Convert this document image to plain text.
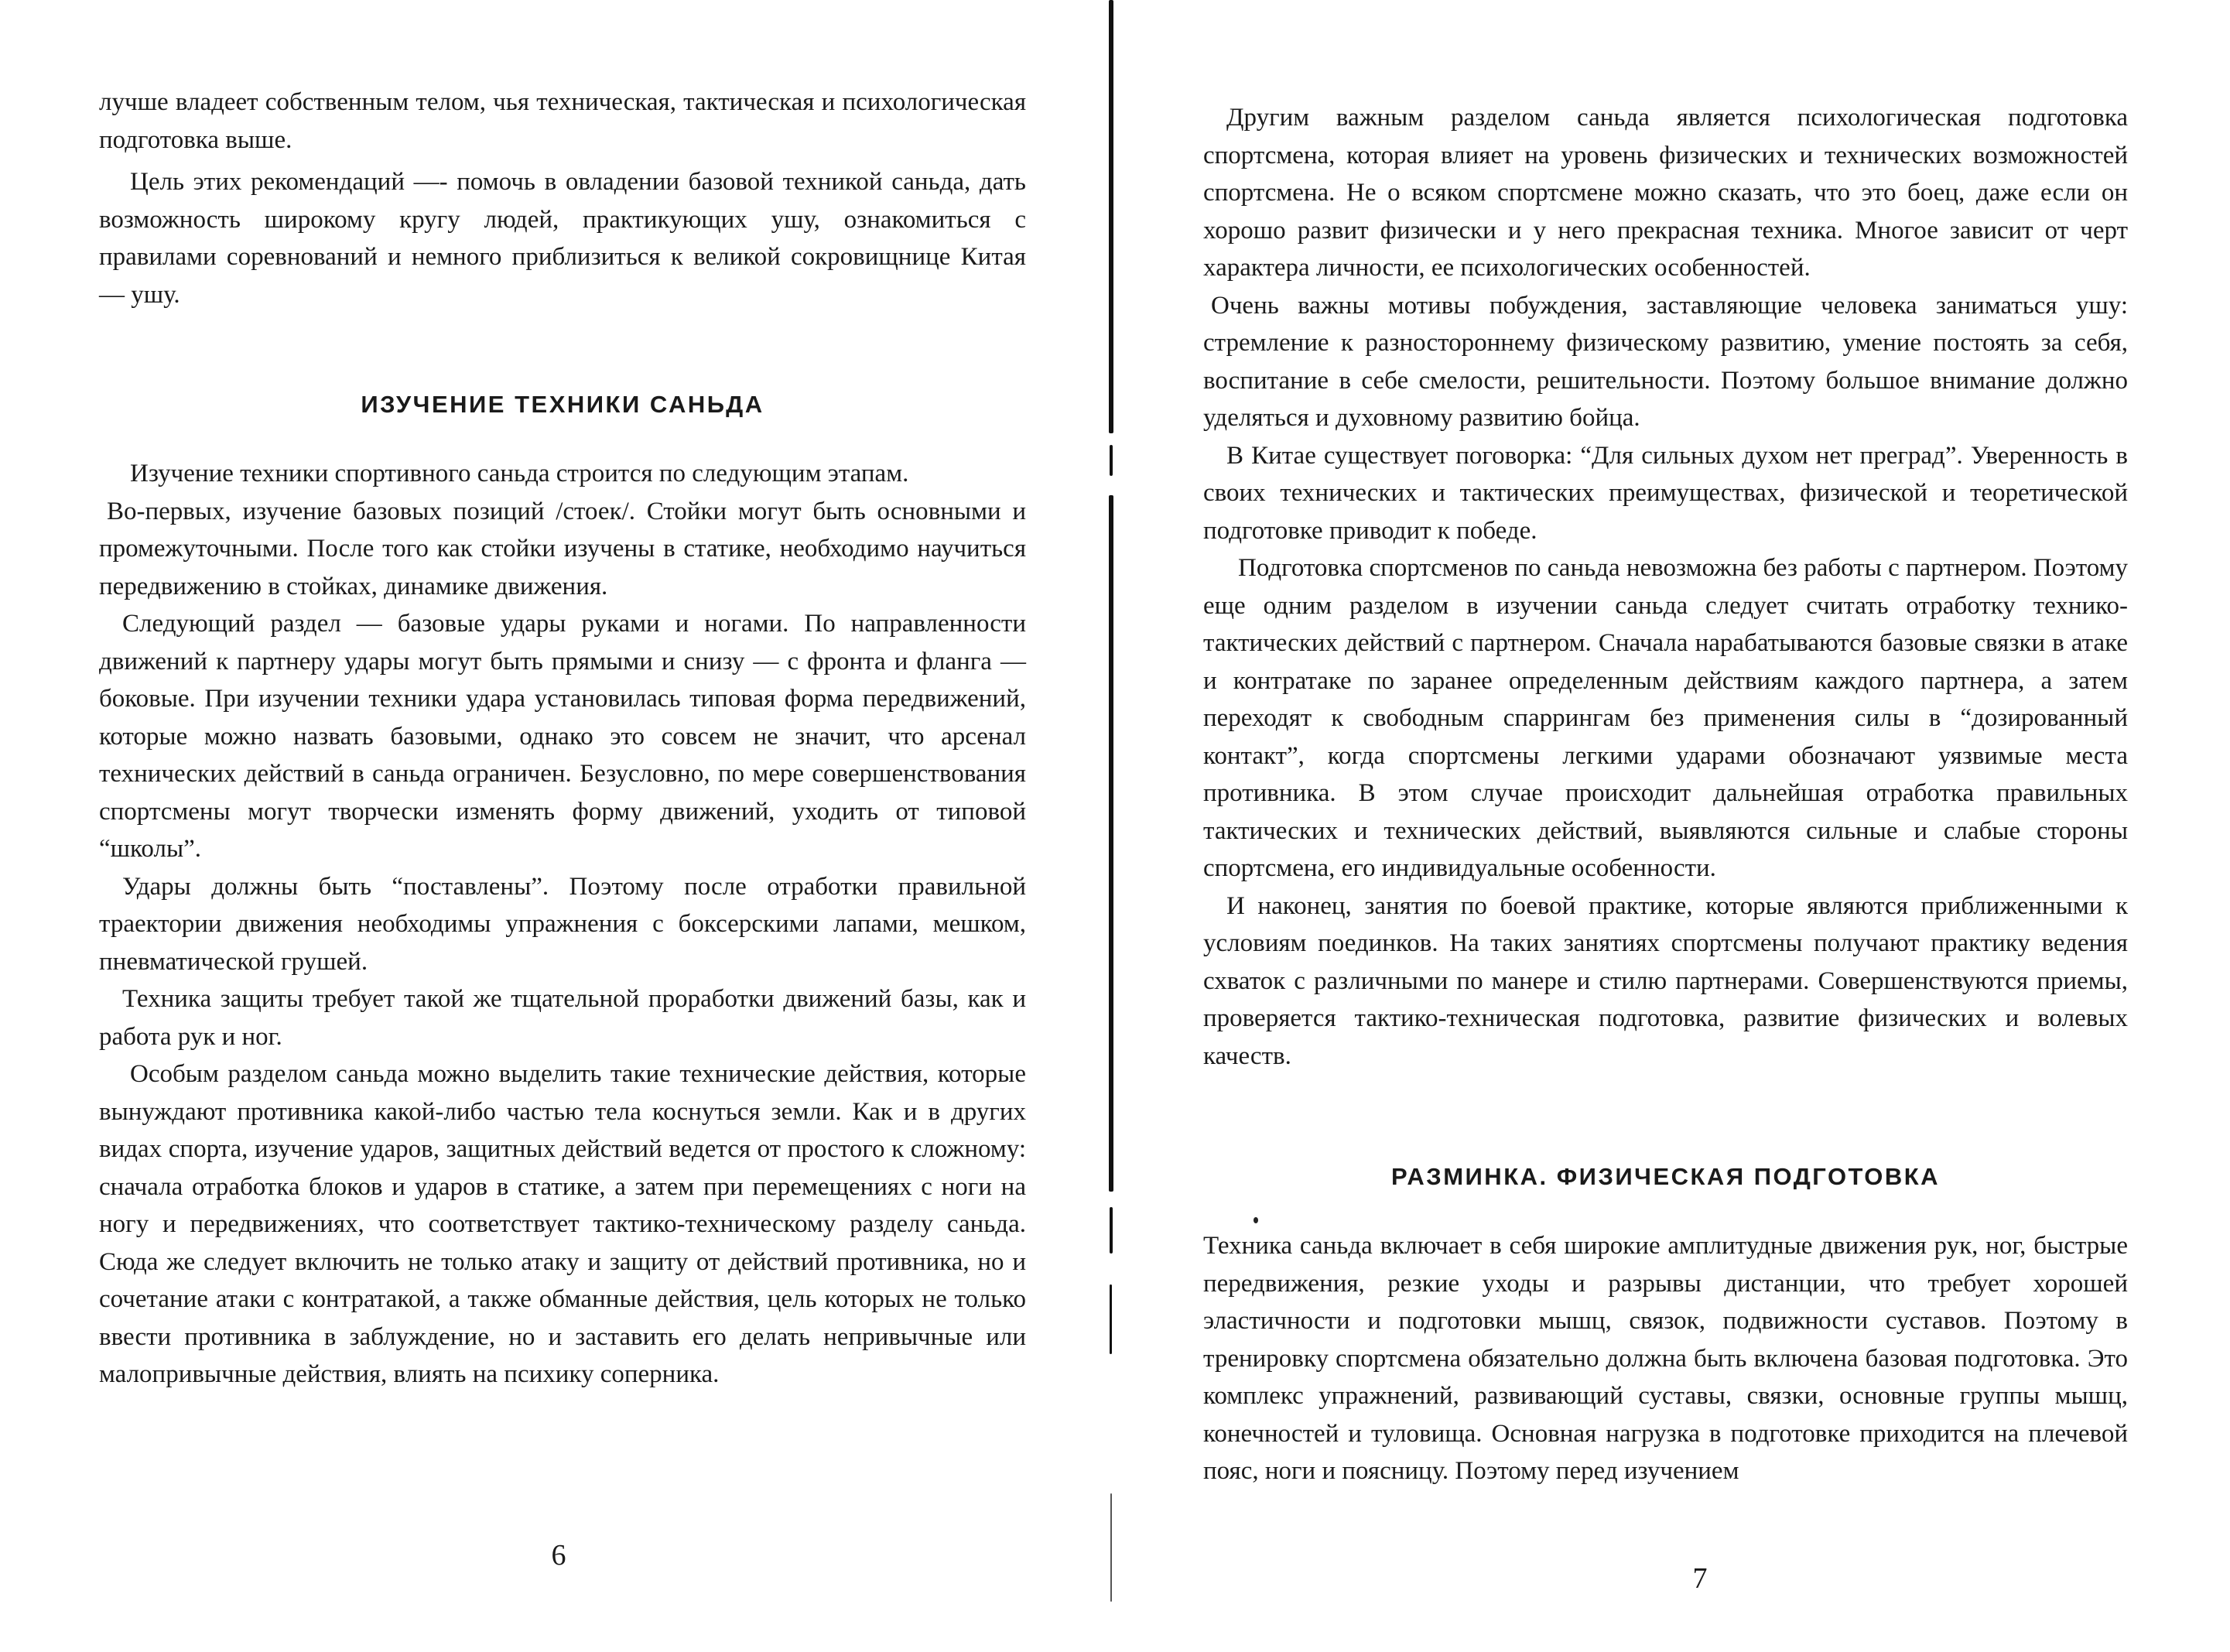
лучше владеет собственным телом, чья техническая, тактическая и психологическая подготовка выше.

Цель этих рекомендаций —- помочь в овладении базовой техникой саньда, дать возможность широкому кругу людей, практикующих ушу, ознакомиться с правилами соревнований и немного приблизиться к великой сокровищнице Китая — ушу.

ИЗУЧЕНИЕ ТЕХНИКИ САНЬДА

Изучение техники спортивного саньда строится по следующим этапам.

Во-первых, изучение базовых позиций /стоек/. Стойки могут быть основными и промежуточными. После того как стойки изучены в статике, необходимо научиться передвижению в стойках, динамике движения.

Следующий раздел — базовые удары руками и ногами. По направленности движений к партнеру удары могут быть прямыми и снизу — с фронта и фланга — боковые. При изучении техники удара установилась типовая форма передвижений, которые можно назвать базовыми, однако это совсем не значит, что арсенал технических действий в саньда ограничен. Безусловно, по мере совершенствования спортсмены могут творчески изменять форму движений, уходить от типовой “школы”.

Удары должны быть “поставлены”. Поэтому после отработки правильной траектории движения необходимы упражнения с боксерскими лапами, мешком, пневматической грушей.

Техника защиты требует такой же тщательной проработки движений базы, как и работа рук и ног.

Особым разделом саньда можно выделить такие технические действия, которые вынуждают противника какой-либо частью тела коснуться земли. Как и в других видах спорта, изучение ударов, защитных действий ведется от простого к сложному: сначала отработка блоков и ударов в статике, а затем при перемещениях с ноги на ногу и передвижениях, что соответствует тактико-техническому разделу саньда. Сюда же следует включить не только атаку и защиту от действий противника, но и сочетание атаки с контратакой, а также обманные действия, цель которых не только ввести противника в заблуждение, но и заставить его делать непривычные или малопривычные действия, влиять на психику соперника.

6

Другим важным разделом саньда является психологическая подготовка спортсмена, которая влияет на уровень физических и технических возможностей спортсмена. Не о всяком спортсмене можно сказать, что это боец, даже если он хорошо развит физически и у него прекрасная техника. Многое зависит от черт характера личности, ее психологических особенностей.

Очень важны мотивы побуждения, заставляющие человека заниматься ушу: стремление к разностороннему физическому развитию, умение постоять за себя, воспитание в себе смелости, решительности. Поэтому большое внимание должно уделяться и духовному развитию бойца.

В Китае существует поговорка: “Для сильных духом нет преград”. Уверенность в своих технических и тактических преимуществах, физической и теоретической подготовке приводит к победе.

Подготовка спортсменов по саньда невозможна без работы с партнером. Поэтому еще одним разделом в изучении саньда следует считать отработку технико-тактических действий с партнером. Сначала нарабатываются базовые связки в атаке и контратаке по заранее определенным действиям каждого партнера, а затем переходят к свободным спаррингам без применения силы в “дозированный контакт”, когда спортсмены легкими ударами обозначают уязвимые места противника. В этом случае происходит дальнейшая отработка правильных тактических и технических действий, выявляются сильные и слабые стороны спортсмена, его индивидуальные особенности.

И наконец, занятия по боевой практике, которые являются приближенными к условиям поединков. На таких занятиях спортсмены получают практику ведения схваток с различными по манере и стилю партнерами. Совершенствуются приемы, проверяется тактико-техническая подготовка, развитие физических и волевых качеств.

РАЗМИНКА. ФИЗИЧЕСКАЯ ПОДГОТОВКА

Техника саньда включает в себя широкие амплитудные движения рук, ног, быстрые передвижения, резкие уходы и разрывы дистанции, что требует хорошей эластичности и подготовки мышц, связок, подвижности суставов. Поэтому в тренировку спортсмена обязательно должна быть включена базовая подготовка. Это комплекс упражнений, развивающий суставы, связки, основные группы мышц, конечностей и туловища. Основная нагрузка в подготовке приходится на плечевой пояс, ноги и поясницу. Поэтому перед изучением

7
